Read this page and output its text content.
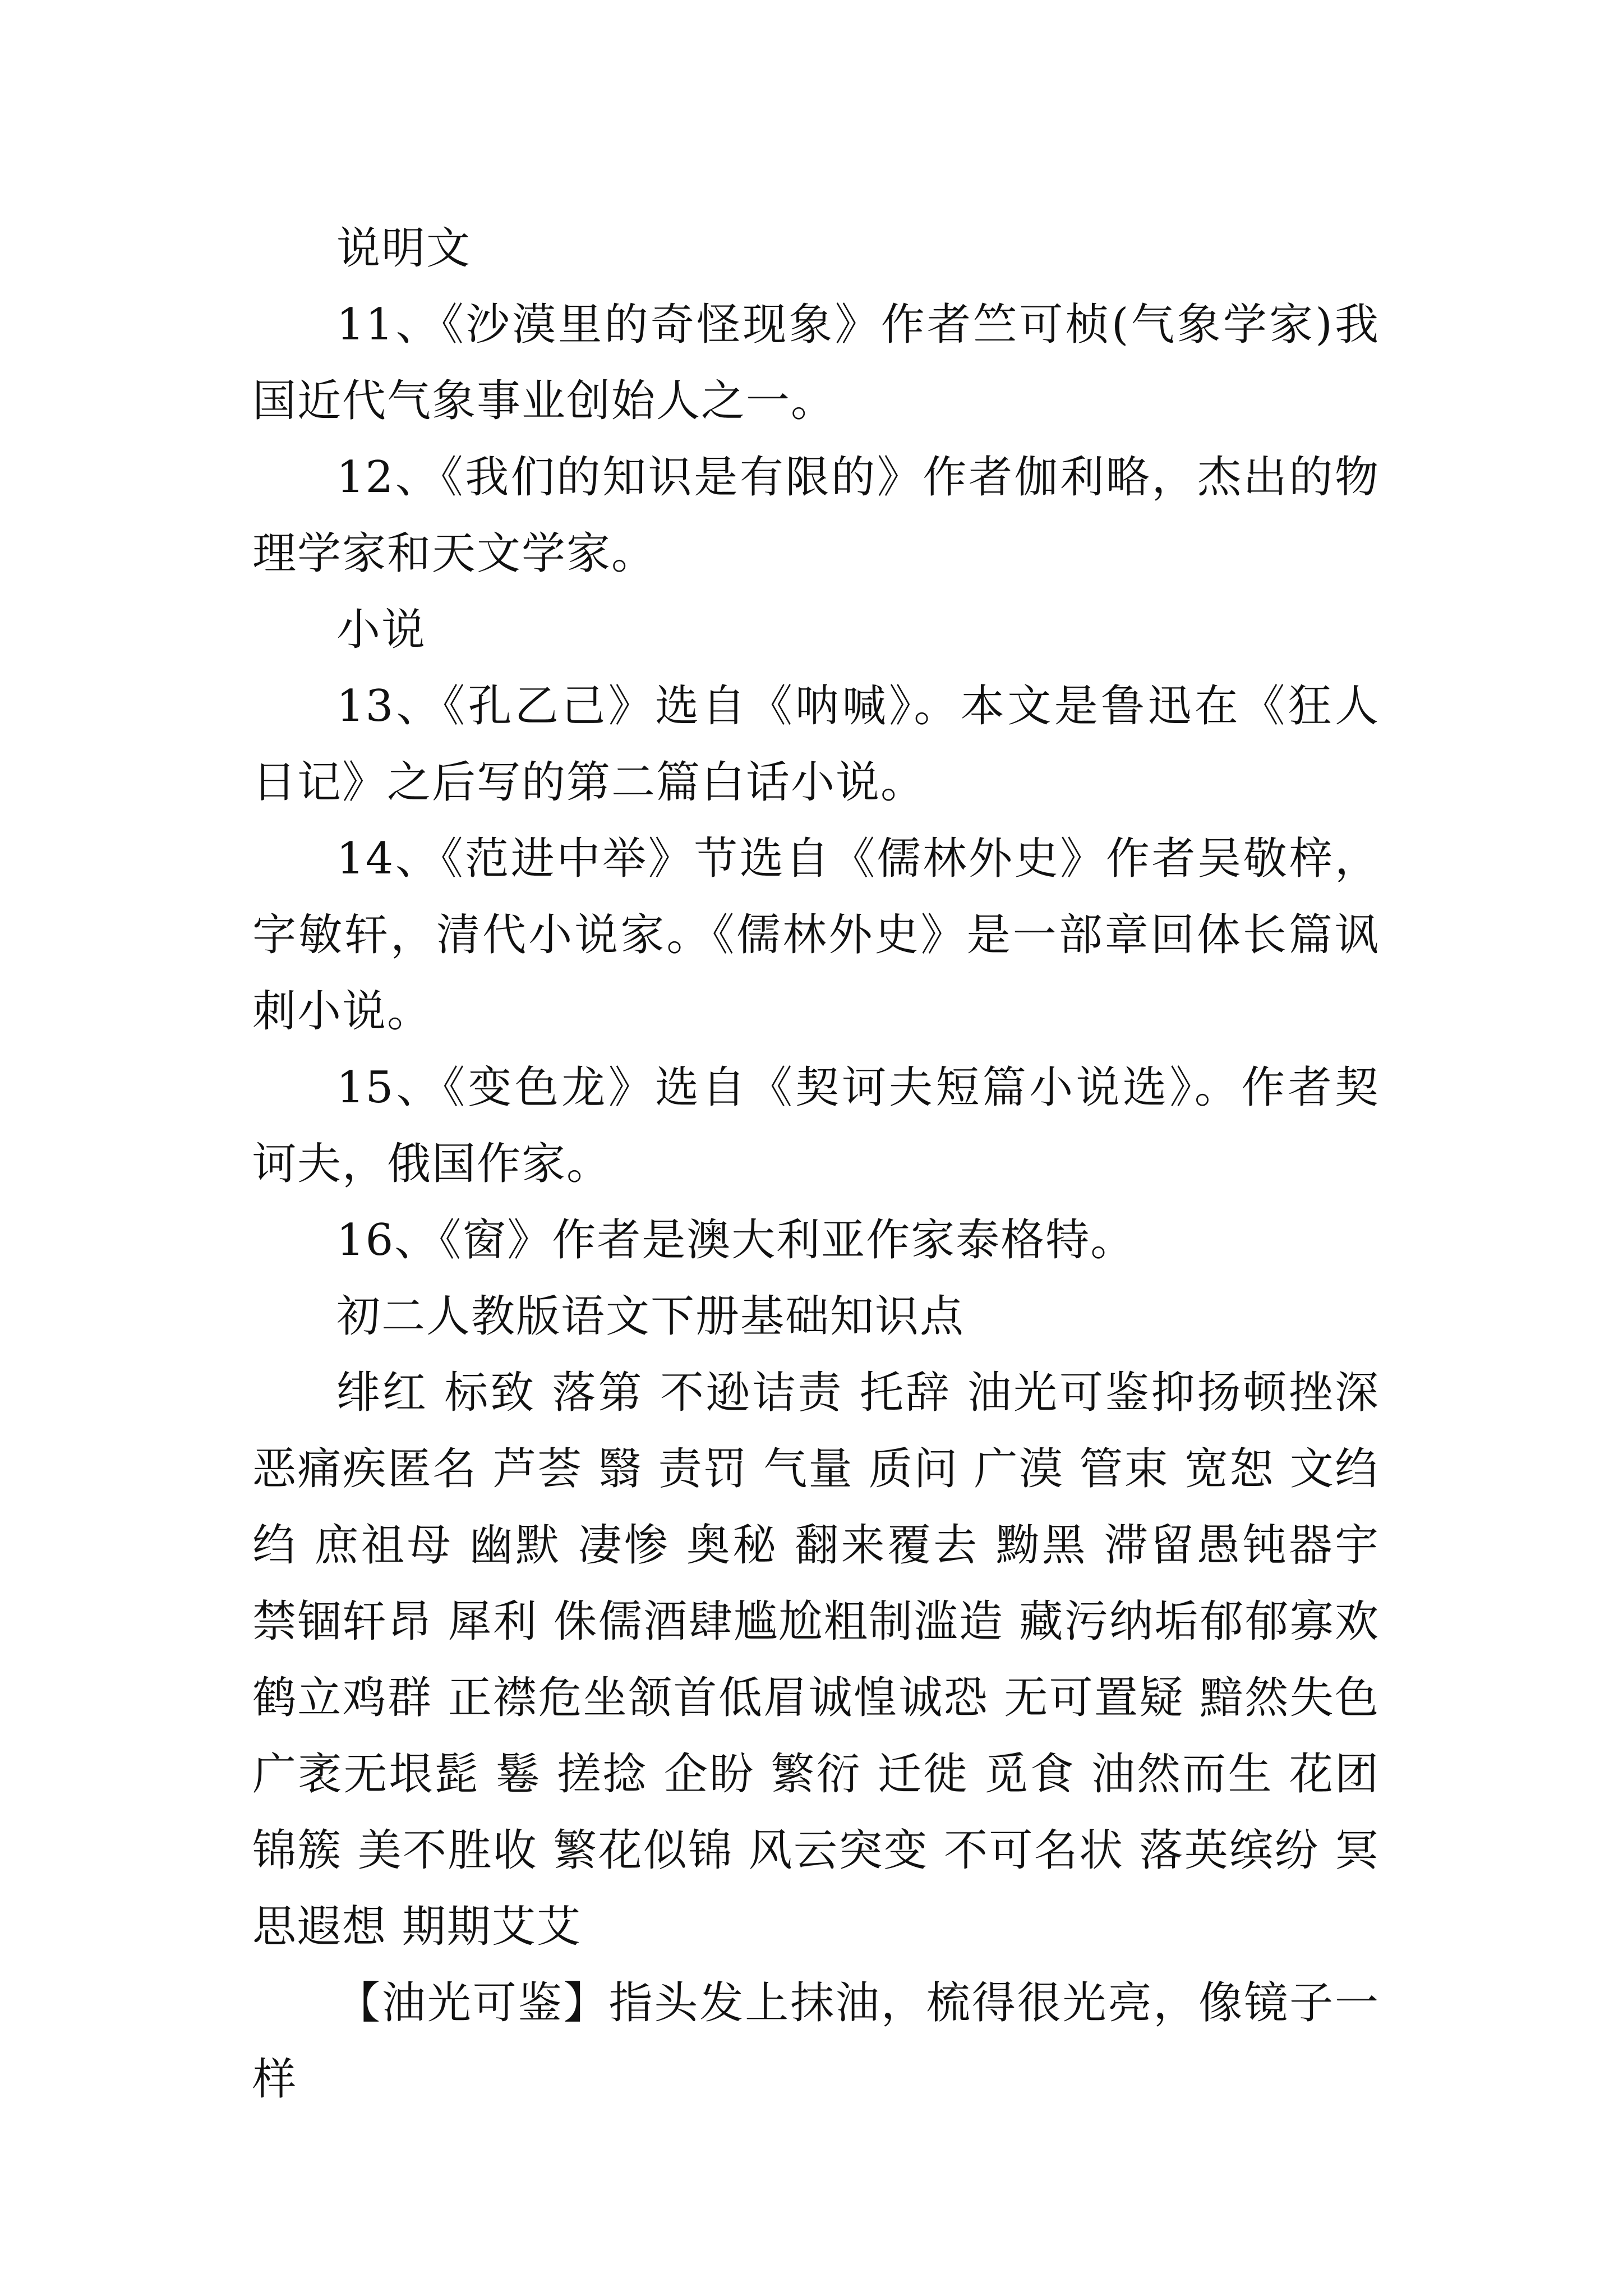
说明文

11、《沙漠里的奇怪现象》作者竺可桢(气象学家)我国近代气象事业创始人之一。

12、《我们的知识是有限的》作者伽利略，杰出的物理学家和天文学家。

小说

13、《孔乙己》选自《呐喊》。本文是鲁迅在《狂人日记》之后写的第二篇白话小说。

14、《范进中举》节选自《儒林外史》作者吴敬梓，字敏轩，清代小说家。《儒林外史》是一部章回体长篇讽刺小说。

15、《变色龙》选自《契诃夫短篇小说选》。作者契诃夫，俄国作家。

16、《窗》作者是澳大利亚作家泰格特。

初二人教版语文下册基础知识点

绯红 标致 落第 不逊诘责 托辞 油光可鉴抑扬顿挫深恶痛疾匿名 芦荟 翳 责罚 气量 质问 广漠 管束 宽恕 文绉绉 庶祖母 幽默 凄惨 奥秘 翻来覆去 黝黑 滞留愚钝器宇 禁锢轩昂 犀利 侏儒酒肆尴尬粗制滥造 藏污纳垢郁郁寡欢 鹤立鸡群 正襟危坐颔首低眉诚惶诚恐 无可置疑 黯然失色广袤无垠髭 鬈 搓捻 企盼 繁衍 迁徙 觅食 油然而生 花团锦簇 美不胜收 繁花似锦 风云突变 不可名状 落英缤纷 冥思遐想 期期艾艾

【油光可鉴】指头发上抹油，梳得很光亮，像镜子一样
